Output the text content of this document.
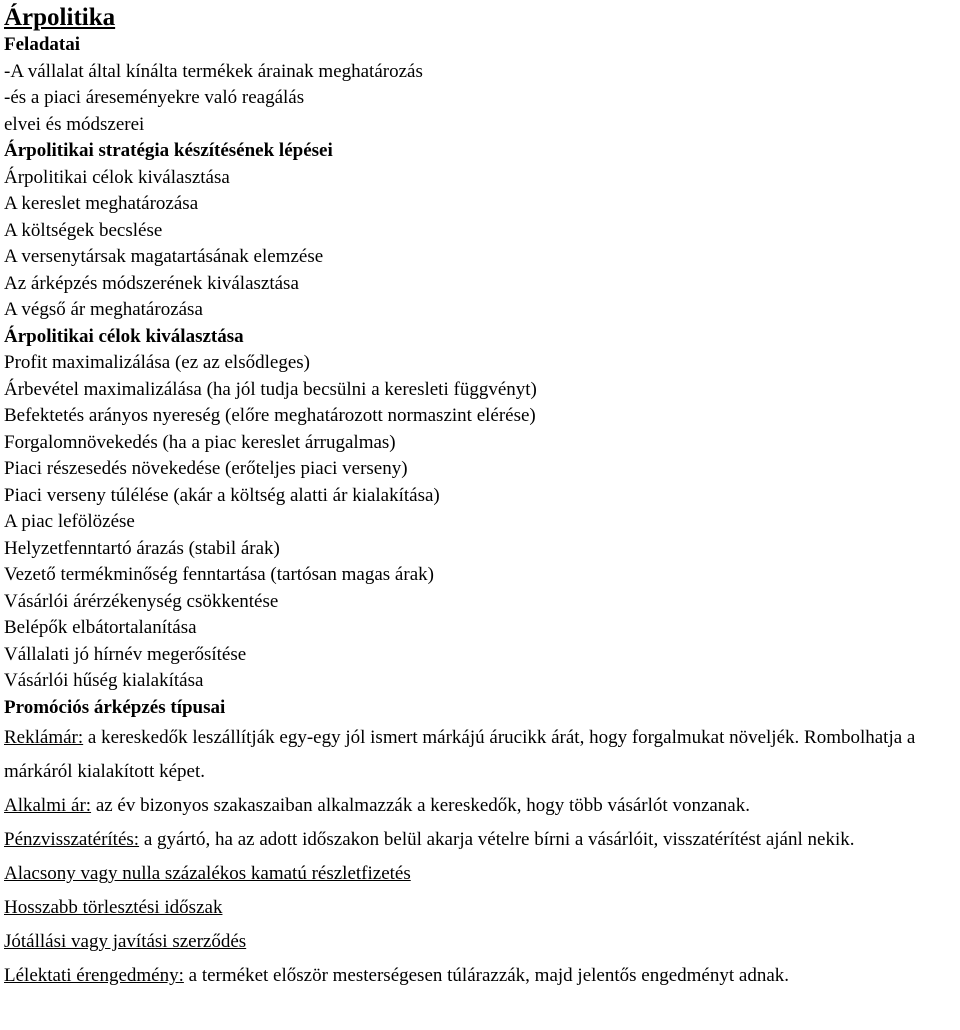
Árpolitika
Feladatai
-A vállalat által kínálta termékek árainak meghatározás
-és a piaci áreseményekre való reagálás
elvei és módszerei
Árpolitikai stratégia készítésének lépései
Árpolitikai célok kiválasztása
A kereslet meghatározása
A költségek becslése
A versenytársak magatartásának elemzése
Az árképzés módszerének kiválasztása
A végső ár meghatározása
Árpolitikai célok kiválasztása
Profit maximalizálása (ez az elsődleges)
Árbevétel maximalizálása (ha jól tudja becsülni a keresleti függvényt)
Befektetés arányos nyereség (előre meghatározott normaszint elérése)
Forgalomnövekedés (ha a piac kereslet árrugalmas)
Piaci részesedés növekedése (erőteljes piaci verseny)
Piaci verseny túlélése (akár a költség alatti ár kialakítása)
A piac lefölözése
Helyzetfenntartó árazás (stabil árak)
Vezető termékminőség fenntartása (tartósan magas árak)
Vásárlói árérzékenység csökkentése
Belépők elbátortalanítása
Vállalati jó hírnév megerősítése
Vásárlói hűség kialakítása
Promóciós árképzés típusai

Reklámár: a kereskedők leszállítják egy-egy jól ismert márkájú árucikk árát, hogy forgalmukat növeljék. Rombolhatja a márkáról kialakított képet.

Alkalmi ár: az év bizonyos szakaszaiban alkalmazzák a kereskedők, hogy több vásárlót vonzanak.

Pénzvisszatérítés: a gyártó, ha az adott időszakon belül akarja vételre bírni a vásárlóit, visszatérítést ajánl nekik.

Alacsony vagy nulla százalékos kamatú részletfizetés

Hosszabb törlesztési időszak

Jótállási vagy javítási szerződés

Lélektati érengedmény: a terméket először mesterségesen túlárazzák, majd jelentős engedményt adnak.
